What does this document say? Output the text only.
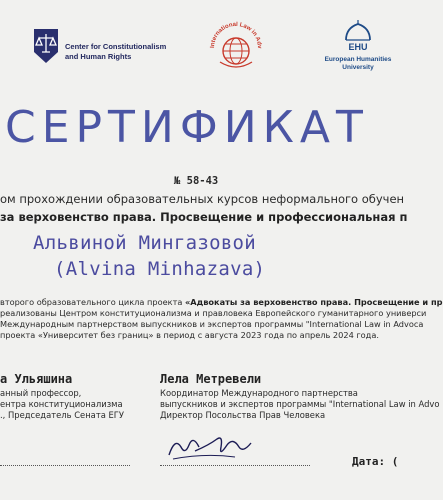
Center for Constitutionalism
and Human Rights
International Law in Adv	EHU
European Humanities
University
СЕРТИФИКАТ
№ 58-43
ом прохождении образовательных курсов неформального обучен
за верховенство права. Просвещение и профессиональная п
Альвиной Мингазовой
(Alvina Minhazava)
второго образовательного цикла проекта «Адвокаты за верховенство права. Просвещение и пр
реализованы Центром конституционализма и правловека Европейского гуманитарного универси
Международным партнерством выпускников и экспертов программы "International Law in Advoca
проекта «Университет без границ» в период с августа 2023 года по апрель 2024 года.
а Ульяшина
анный профессор,
ентра конституционализма
., Председатель Сената ЕГУ
Лела Метревели
Координатор Международного партнерства
выпускников и экспертов программы "International Law in Advo
Директор Посольства Прав Человека
Дата: (
